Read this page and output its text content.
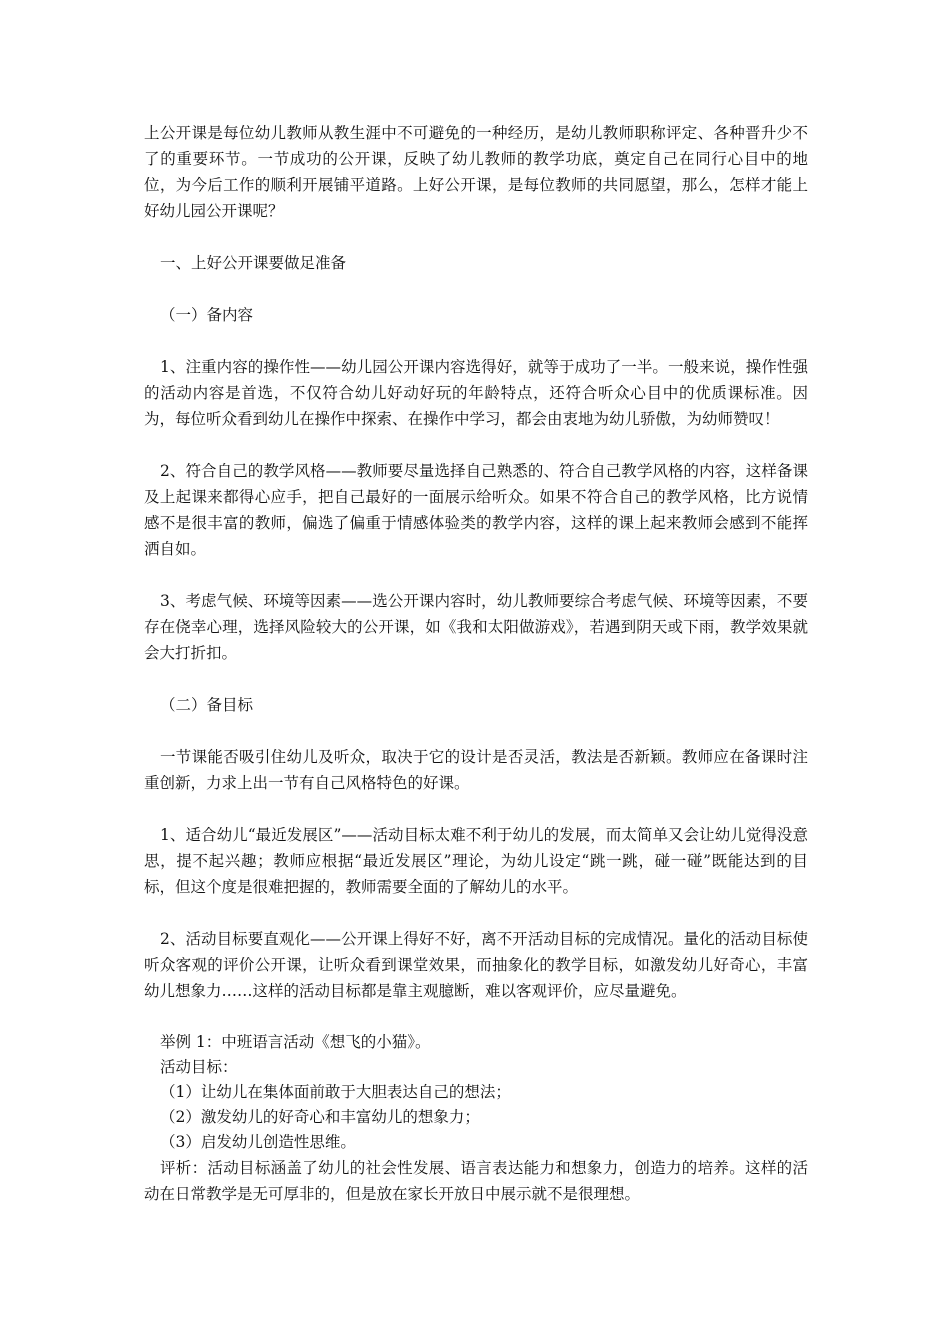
上公开课是每位幼儿教师从教生涯中不可避免的一种经历，是幼儿教师职称评定、各种晋升少不了的重要环节。一节成功的公开课，反映了幼儿教师的教学功底，奠定自己在同行心目中的地位，为今后工作的顺利开展铺平道路。上好公开课，是每位教师的共同愿望，那么，怎样才能上好幼儿园公开课呢？

一、上好公开课要做足准备

（一）备内容

1、注重内容的操作性——幼儿园公开课内容选得好，就等于成功了一半。一般来说，操作性强的活动内容是首选，不仅符合幼儿好动好玩的年龄特点，还符合听众心目中的优质课标准。因为，每位听众看到幼儿在操作中探索、在操作中学习，都会由衷地为幼儿骄傲，为幼师赞叹！

2、符合自己的教学风格——教师要尽量选择自己熟悉的、符合自己教学风格的内容，这样备课及上起课来都得心应手，把自己最好的一面展示给听众。如果不符合自己的教学风格，比方说情感不是很丰富的教师，偏选了偏重于情感体验类的教学内容，这样的课上起来教师会感到不能挥洒自如。

3、考虑气候、环境等因素——选公开课内容时，幼儿教师要综合考虑气候、环境等因素，不要存在侥幸心理，选择风险较大的公开课，如《我和太阳做游戏》，若遇到阴天或下雨，教学效果就会大打折扣。

（二）备目标

一节课能否吸引住幼儿及听众，取决于它的设计是否灵活，教法是否新颖。教师应在备课时注重创新，力求上出一节有自己风格特色的好课。

1、适合幼儿“最近发展区”——活动目标太难不利于幼儿的发展，而太简单又会让幼儿觉得没意思，提不起兴趣；教师应根据“最近发展区”理论，为幼儿设定“跳一跳，碰一碰”既能达到的目标，但这个度是很难把握的，教师需要全面的了解幼儿的水平。

2、活动目标要直观化——公开课上得好不好，离不开活动目标的完成情况。量化的活动目标使听众客观的评价公开课，让听众看到课堂效果，而抽象化的教学目标，如激发幼儿好奇心，丰富幼儿想象力……这样的活动目标都是靠主观臆断，难以客观评价，应尽量避免。

举例 1：中班语言活动《想飞的小猫》。
活动目标：
（1）让幼儿在集体面前敢于大胆表达自己的想法；
（2）激发幼儿的好奇心和丰富幼儿的想象力；
（3）启发幼儿创造性思维。

评析：活动目标涵盖了幼儿的社会性发展、语言表达能力和想象力，创造力的培养。这样的活动在日常教学是无可厚非的，但是放在家长开放日中展示就不是很理想。
